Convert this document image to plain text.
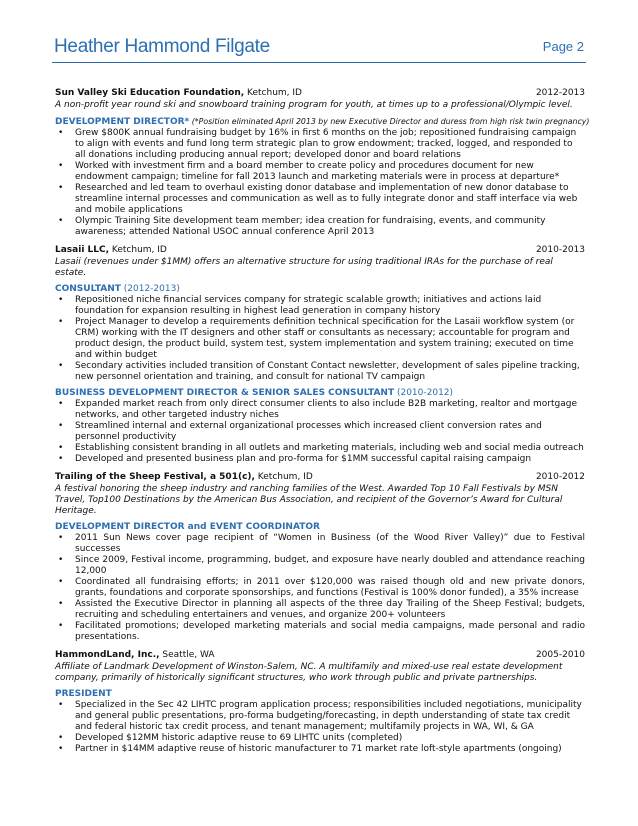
Heather Hammond Filgate	Page 2
Sun Valley Ski Education Foundation, Ketchum, ID	2012-2013
A non-profit year round ski and snowboard training program for youth, at times up to a professional/Olympic level.
DEVELOPMENT DIRECTOR* (*Position eliminated April 2013 by new Executive Director and duress from high risk twin pregnancy)
• Grew $800K annual fundraising budget by 16% in first 6 months on the job; repositioned fundraising campaign to align with events and fund long term strategic plan to grow endowment; tracked, logged, and responded to all donations including producing annual report; developed donor and board relations
• Worked with investment firm and a board member to create policy and procedures document for new endowment campaign; timeline for fall 2013 launch and marketing materials were in process at departure*
• Researched and led team to overhaul existing donor database and implementation of new donor database to streamline internal processes and communication as well as to fully integrate donor and staff interface via web and mobile applications
• Olympic Training Site development team member; idea creation for fundraising, events, and community awareness; attended National USOC annual conference April 2013
Lasaii LLC, Ketchum, ID	2010-2013
Lasaii (revenues under $1MM) offers an alternative structure for using traditional IRAs for the purchase of real estate.
CONSULTANT (2012-2013)
• Repositioned niche financial services company for strategic scalable growth; initiatives and actions laid foundation for expansion resulting in highest lead generation in company history
• Project Manager to develop a requirements definition technical specification for the Lasaii workflow system (or CRM) working with the IT designers and other staff or consultants as necessary; accountable for program and product design, the product build, system test, system implementation and system training; executed on time and within budget
• Secondary activities included transition of Constant Contact newsletter, development of sales pipeline tracking, new personnel orientation and training, and consult for national TV campaign
BUSINESS DEVELOPMENT DIRECTOR & SENIOR SALES CONSULTANT (2010-2012)
• Expanded market reach from only direct consumer clients to also include B2B marketing, realtor and mortgage networks, and other targeted industry niches
• Streamlined internal and external organizational processes which increased client conversion rates and personnel productivity
• Establishing consistent branding in all outlets and marketing materials, including web and social media outreach
• Developed and presented business plan and pro-forma for $1MM successful capital raising campaign
Trailing of the Sheep Festival, a 501(c), Ketchum, ID	2010-2012
A festival honoring the sheep industry and ranching families of the West. Awarded Top 10 Fall Festivals by MSN Travel, Top100 Destinations by the American Bus Association, and recipient of the Governor’s Award for Cultural Heritage.
DEVELOPMENT DIRECTOR and EVENT COORDINATOR
• 2011 Sun News cover page recipient of “Women in Business (of the Wood River Valley)” due to Festival successes
• Since 2009, Festival income, programming, budget, and exposure have nearly doubled and attendance reaching 12,000
• Coordinated all fundraising efforts; in 2011 over $120,000 was raised though old and new private donors, grants, foundations and corporate sponsorships, and functions (Festival is 100% donor funded), a 35% increase
• Assisted the Executive Director in planning all aspects of the three day Trailing of the Sheep Festival; budgets, recruiting and scheduling entertainers and venues, and organize 200+ volunteers
• Facilitated promotions; developed marketing materials and social media campaigns, made personal and radio presentations.
HammondLand, Inc., Seattle, WA	2005-2010
Affiliate of Landmark Development of Winston-Salem, NC. A multifamily and mixed-use real estate development company, primarily of historically significant structures, who work through public and private partnerships.
PRESIDENT
• Specialized in the Sec 42 LIHTC program application process; responsibilities included negotiations, municipality and general public presentations, pro-forma budgeting/forecasting, in depth understanding of state tax credit and federal historic tax credit process, and tenant management; multifamily projects in WA, WI, & GA
• Developed $12MM historic adaptive reuse to 69 LIHTC units (completed)
• Partner in $14MM adaptive reuse of historic manufacturer to 71 market rate loft-style apartments (ongoing)
